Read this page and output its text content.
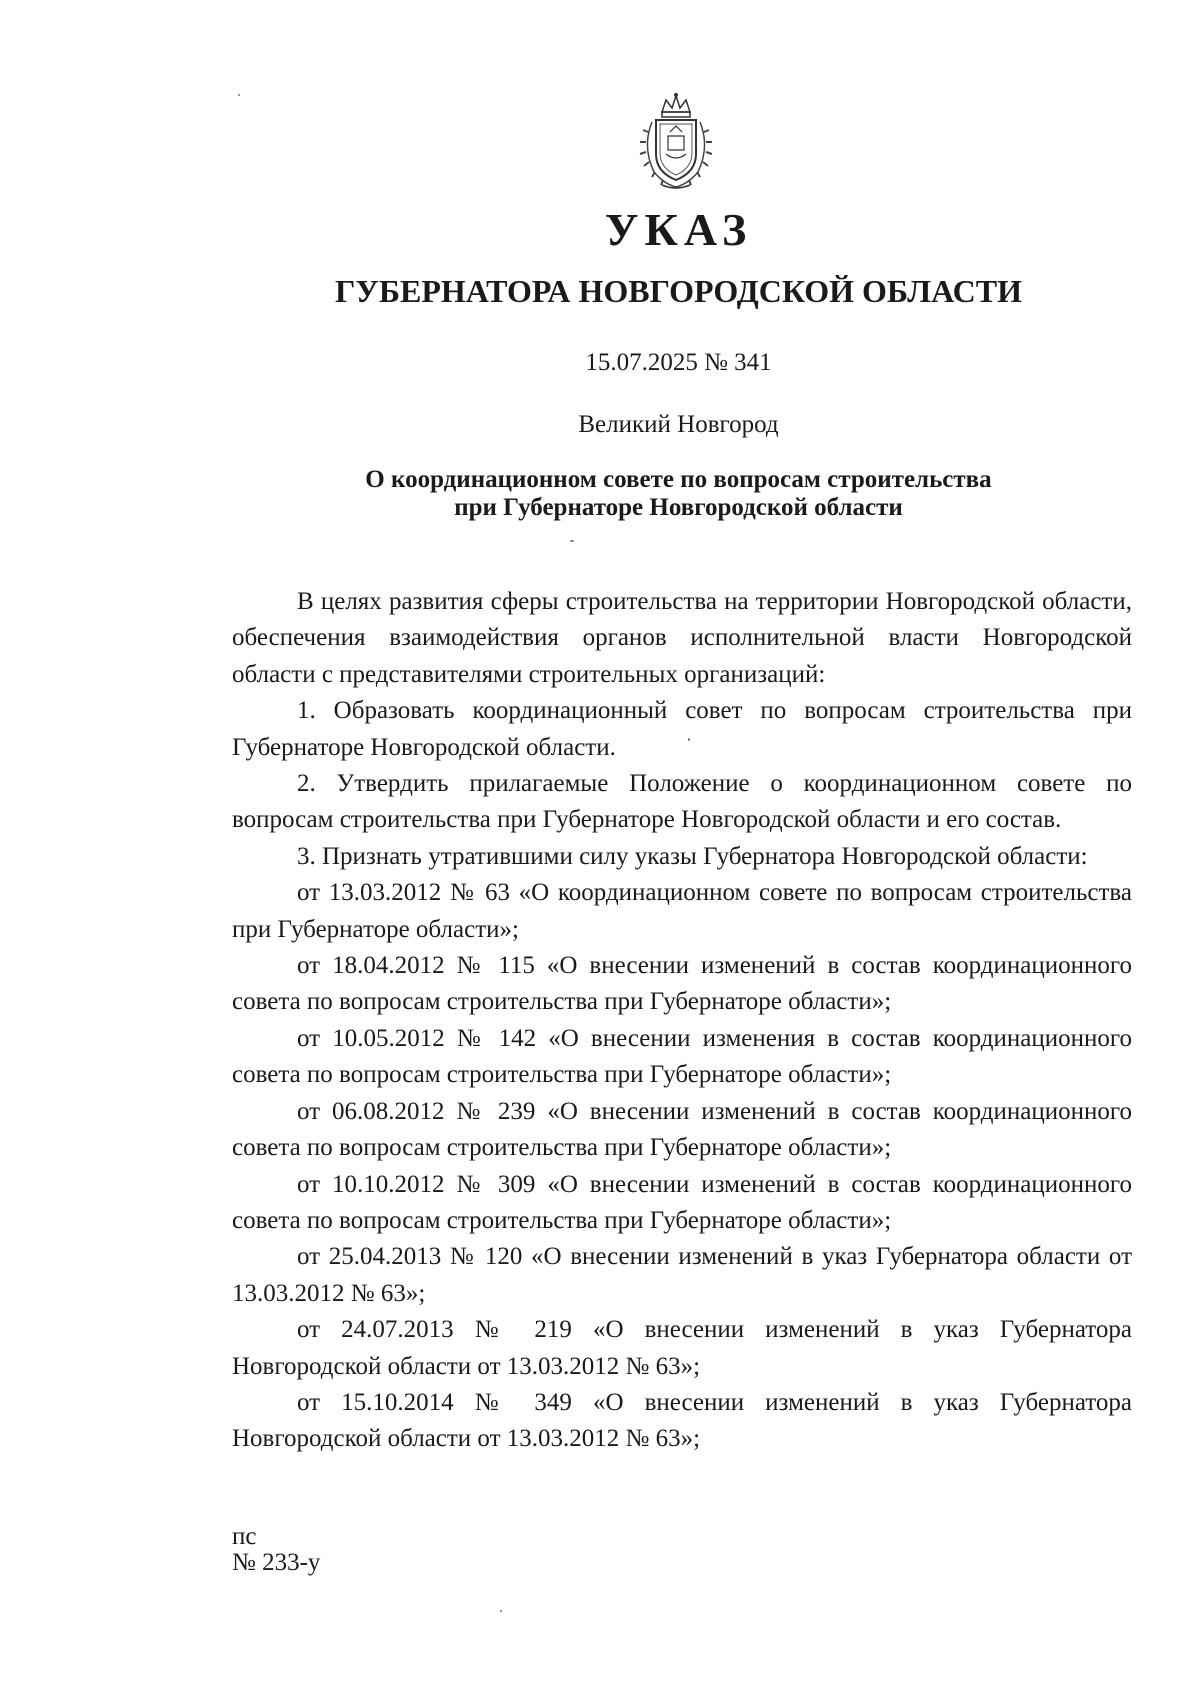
УКАЗ
ГУБЕРНАТОРА НОВГОРОДСКОЙ ОБЛАСТИ
15.07.2025 № 341
Великий Новгород
О координационном совете по вопросам строительства
при Губернаторе Новгородской области

В целях развития сферы строительства на территории Новгородской области, обеспечения взаимодействия органов исполнительной власти Новгородской области с представителями строительных организаций:

1. Образовать координационный совет по вопросам строительства при Губернаторе Новгородской области.

2. Утвердить прилагаемые Положение о координационном совете по вопросам строительства при Губернаторе Новгородской области и его состав.

3. Признать утратившими силу указы Губернатора Новгородской области:

от 13.03.2012 № 63 «О координационном совете по вопросам строительства при Губернаторе области»;

от 18.04.2012 № 115 «О внесении изменений в состав координационного совета по вопросам строительства при Губернаторе области»;

от 10.05.2012 № 142 «О внесении изменения в состав координационного совета по вопросам строительства при Губернаторе области»;

от 06.08.2012 № 239 «О внесении изменений в состав координационного совета по вопросам строительства при Губернаторе области»;

от 10.10.2012 № 309 «О внесении изменений в состав координационного совета по вопросам строительства при Губернаторе области»;

от 25.04.2013 № 120 «О внесении изменений в указ Губернатора области от 13.03.2012 № 63»;

от 24.07.2013 № 219 «О внесении изменений в указ Губернатора Новгородской области от 13.03.2012 № 63»;

от 15.10.2014 № 349 «О внесении изменений в указ Губернатора Новгородской области от 13.03.2012 № 63»;

пс
№ 233-у
